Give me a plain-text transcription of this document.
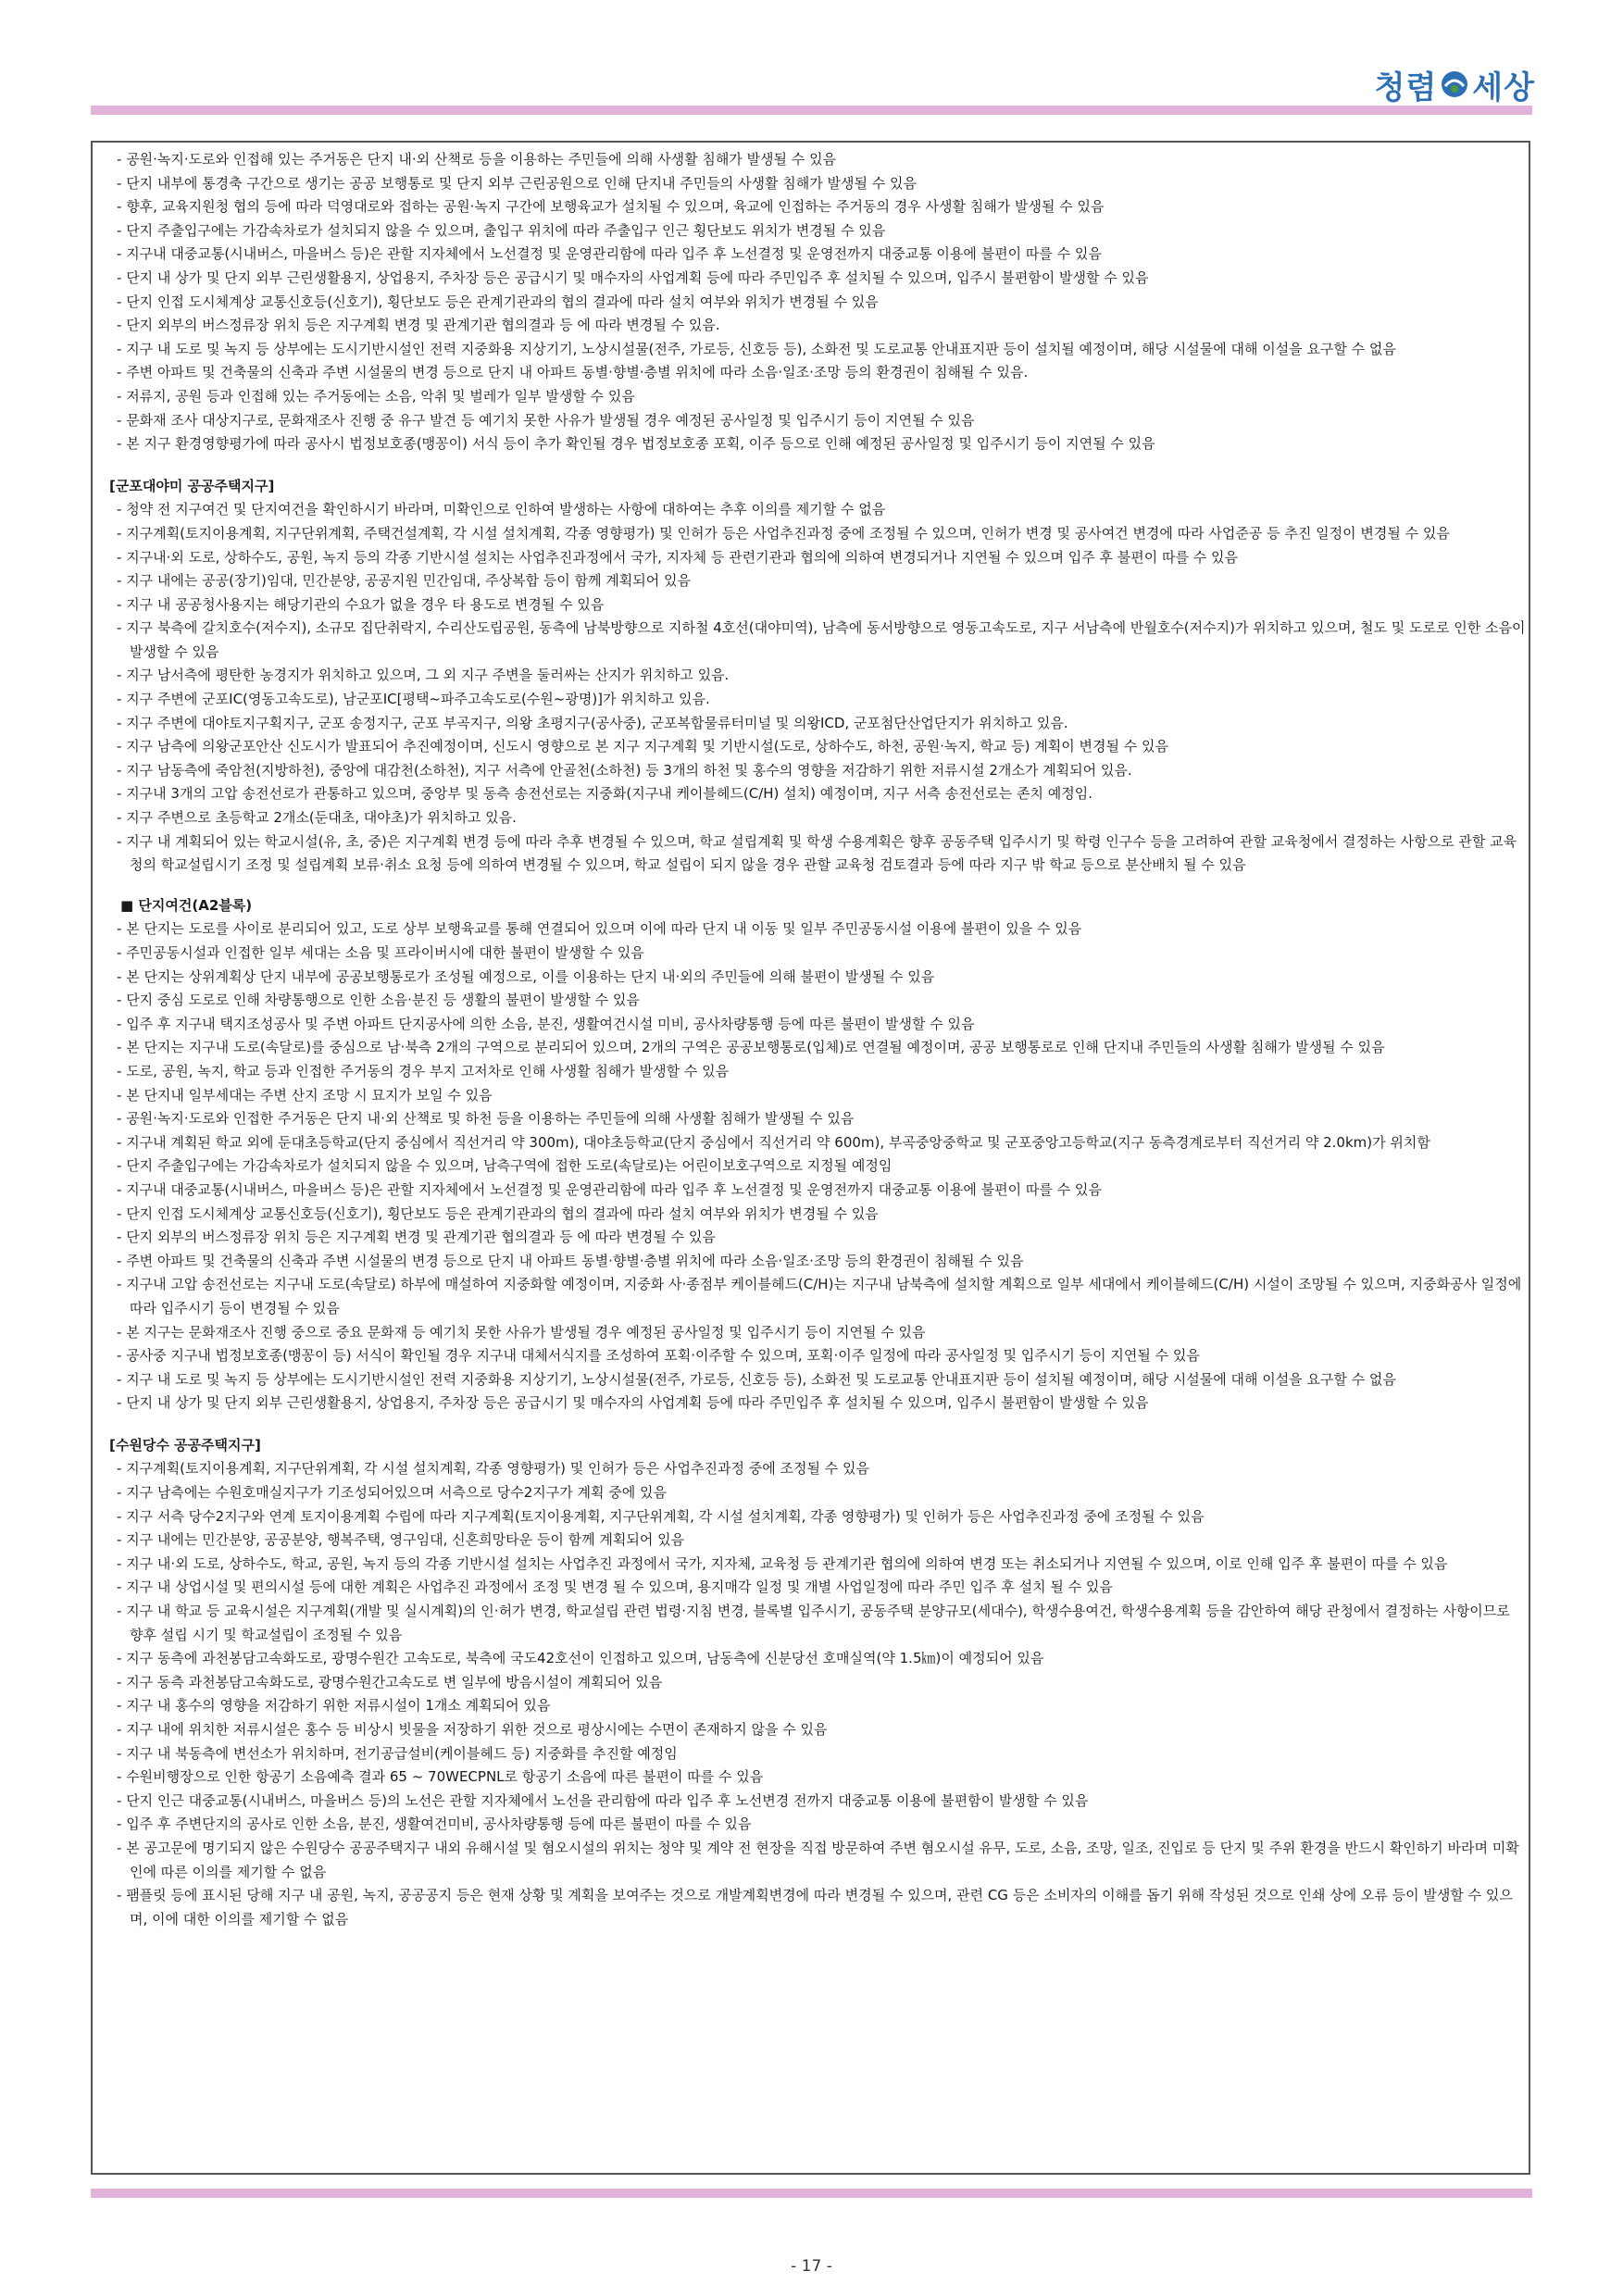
청렴 세상

- 공원·녹지·도로와 인접해 있는 주거동은 단지 내·외 산책로 등을 이용하는 주민들에 의해 사생활 침해가 발생될 수 있음

- 단지 내부에 통경축 구간으로 생기는 공공 보행통로 및 단지 외부 근린공원으로 인해 단지내 주민들의 사생활 침해가 발생될 수 있음

- 향후, 교육지원청 협의 등에 따라 덕영대로와 접하는 공원·녹지 구간에 보행육교가 설치될 수 있으며, 육교에 인접하는 주거동의 경우 사생활 침해가 발생될 수 있음

- 단지 주출입구에는 가감속차로가 설치되지 않을 수 있으며, 출입구 위치에 따라 주출입구 인근 횡단보도 위치가 변경될 수 있음

- 지구내 대중교통(시내버스, 마을버스 등)은 관할 지자체에서 노선결정 및 운영관리함에 따라 입주 후 노선결정 및 운영전까지 대중교통 이용에 불편이 따를 수 있음

- 단지 내 상가 및 단지 외부 근린생활용지, 상업용지, 주차장 등은 공급시기 및 매수자의 사업계획 등에 따라 주민입주 후 설치될 수 있으며, 입주시 불편함이 발생할 수 있음

- 단지 인접 도시체계상 교통신호등(신호기), 횡단보도 등은 관계기관과의 협의 결과에 따라 설치 여부와 위치가 변경될 수 있음

- 단지 외부의 버스정류장 위치 등은 지구계획 변경 및 관계기관 협의결과 등 에 따라 변경될 수 있음.

- 지구 내 도로 및 녹지 등 상부에는 도시기반시설인 전력 지중화용 지상기기, 노상시설물(전주, 가로등, 신호등 등), 소화전 및 도로교통 안내표지판 등이 설치될 예정이며, 해당 시설물에 대해 이설을 요구할 수 없음

- 주변 아파트 및 건축물의 신축과 주변 시설물의 변경 등으로 단지 내 아파트 동별·향별·층별 위치에 따라 소음·일조·조망 등의 환경권이 침해될 수 있음.

- 저류지, 공원 등과 인접해 있는 주거동에는 소음, 악취 및 벌레가 일부 발생할 수 있음

- 문화재 조사 대상지구로, 문화재조사 진행 중 유구 발견 등 예기치 못한 사유가 발생될 경우 예정된 공사일정 및 입주시기 등이 지연될 수 있음

- 본 지구 환경영향평가에 따라 공사시 법정보호종(맹꽁이) 서식 등이 추가 확인될 경우 법정보호종 포획, 이주 등으로 인해 예정된 공사일정 및 입주시기 등이 지연될 수 있음

[군포대야미 공공주택지구]

- 청약 전 지구여건 및 단지여건을 확인하시기 바라며, 미확인으로 인하여 발생하는 사항에 대하여는 추후 이의를 제기할 수 없음

- 지구계획(토지이용계획, 지구단위계획, 주택건설계획, 각 시설 설치계획, 각종 영향평가) 및 인허가 등은 사업추진과정 중에 조정될 수 있으며, 인허가 변경 및 공사여건 변경에 따라 사업준공 등 추진 일정이 변경될 수 있음

- 지구내·외 도로, 상하수도, 공원, 녹지 등의 각종 기반시설 설치는 사업추진과정에서 국가, 지자체 등 관련기관과 협의에 의하여 변경되거나 지연될 수 있으며 입주 후 불편이 따를 수 있음

- 지구 내에는 공공(장기)임대, 민간분양, 공공지원 민간임대, 주상복합 등이 함께 계획되어 있음

- 지구 내 공공청사용지는 해당기관의 수요가 없을 경우 타 용도로 변경될 수 있음

- 지구 북측에 갈치호수(저수지), 소규모 집단취락지, 수리산도립공원, 동측에 남북방향으로 지하철 4호선(대야미역), 남측에 동서방향으로 영동고속도로, 지구 서남측에 반월호수(저수지)가 위치하고 있으며, 철도 및 도로로 인한 소음이 발생할 수 있음

- 지구 남서측에 평탄한 농경지가 위치하고 있으며, 그 외 지구 주변을 둘러싸는 산지가 위치하고 있음.

- 지구 주변에 군포IC(영동고속도로), 남군포IC[평택~파주고속도로(수원~광명)]가 위치하고 있음.

- 지구 주변에 대야토지구획지구, 군포 송정지구, 군포 부곡지구, 의왕 초평지구(공사중), 군포복합물류터미널 및 의왕ICD, 군포첨단산업단지가 위치하고 있음.

- 지구 남측에 의왕군포안산 신도시가 발표되어 추진예정이며, 신도시 영향으로 본 지구 지구계획 및 기반시설(도로, 상하수도, 하천, 공원·녹지, 학교 등) 계획이 변경될 수 있음

- 지구 남동측에 죽암천(지방하천), 중앙에 대감천(소하천), 지구 서측에 안골천(소하천) 등 3개의 하천 및 홍수의 영향을 저감하기 위한 저류시설 2개소가 계획되어 있음.

- 지구내 3개의 고압 송전선로가 관통하고 있으며, 중앙부 및 동측 송전선로는 지중화(지구내 케이블헤드(C/H) 설치) 예정이며, 지구 서측 송전선로는 존치 예정임.

- 지구 주변으로 초등학교 2개소(둔대초, 대야초)가 위치하고 있음.

- 지구 내 계획되어 있는 학교시설(유, 초, 중)은 지구계획 변경 등에 따라 추후 변경될 수 있으며, 학교 설립계획 및 학생 수용계획은 향후 공동주택 입주시기 및 학령 인구수 등을 고려하여 관할 교육청에서 결정하는 사항으로 관할 교육청의 학교설립시기 조정 및 설립계획 보류·취소 요청 등에 의하여 변경될 수 있으며, 학교 설립이 되지 않을 경우 관할 교육청 검토결과 등에 따라 지구 밖 학교 등으로 분산배치 될 수 있음

■ 단지여건(A2블록)

- 본 단지는 도로를 사이로 분리되어 있고, 도로 상부 보행육교를 통해 연결되어 있으며 이에 따라 단지 내 이동 및 일부 주민공동시설 이용에 불편이 있을 수 있음

- 주민공동시설과 인접한 일부 세대는 소음 및 프라이버시에 대한 불편이 발생할 수 있음

- 본 단지는 상위계획상 단지 내부에 공공보행통로가 조성될 예정으로, 이를 이용하는 단지 내·외의 주민들에 의해 불편이 발생될 수 있음

- 단지 중심 도로로 인해 차량통행으로 인한 소음·분진 등 생활의 불편이 발생할 수 있음

- 입주 후 지구내 택지조성공사 및 주변 아파트 단지공사에 의한 소음, 분진, 생활여건시설 미비, 공사차량통행 등에 따른 불편이 발생할 수 있음

- 본 단지는 지구내 도로(속달로)를 중심으로 남·북측 2개의 구역으로 분리되어 있으며, 2개의 구역은 공공보행통로(입체)로 연결될 예정이며, 공공 보행통로로 인해 단지내 주민들의 사생활 침해가 발생될 수 있음

- 도로, 공원, 녹지, 학교 등과 인접한 주거동의 경우 부지 고저차로 인해 사생활 침해가 발생할 수 있음

- 본 단지내 일부세대는 주변 산지 조망 시 묘지가 보일 수 있음

- 공원·녹지·도로와 인접한 주거동은 단지 내·외 산책로 및 하천 등을 이용하는 주민들에 의해 사생활 침해가 발생될 수 있음

- 지구내 계획된 학교 외에 둔대초등학교(단지 중심에서 직선거리 약 300m), 대야초등학교(단지 중심에서 직선거리 약 600m), 부곡중앙중학교 및 군포중앙고등학교(지구 동측경계로부터 직선거리 약 2.0km)가 위치함

- 단지 주출입구에는 가감속차로가 설치되지 않을 수 있으며, 남측구역에 접한 도로(속달로)는 어린이보호구역으로 지정될 예정임

- 지구내 대중교통(시내버스, 마을버스 등)은 관할 지자체에서 노선결정 및 운영관리함에 따라 입주 후 노선결정 및 운영전까지 대중교통 이용에 불편이 따를 수 있음

- 단지 인접 도시체계상 교통신호등(신호기), 횡단보도 등은 관계기관과의 협의 결과에 따라 설치 여부와 위치가 변경될 수 있음

- 단지 외부의 버스정류장 위치 등은 지구계획 변경 및 관계기관 협의결과 등 에 따라 변경될 수 있음

- 주변 아파트 및 건축물의 신축과 주변 시설물의 변경 등으로 단지 내 아파트 동별·향별·층별 위치에 따라 소음·일조·조망 등의 환경권이 침해될 수 있음

- 지구내 고압 송전선로는 지구내 도로(속달로) 하부에 매설하여 지중화할 예정이며, 지중화 사·종점부 케이블헤드(C/H)는 지구내 남북측에 설치할 계획으로 일부 세대에서 케이블헤드(C/H) 시설이 조망될 수 있으며, 지중화공사 일정에 따라 입주시기 등이 변경될 수 있음

- 본 지구는 문화재조사 진행 중으로 중요 문화재 등 예기치 못한 사유가 발생될 경우 예정된 공사일정 및 입주시기 등이 지연될 수 있음

- 공사중 지구내 법정보호종(맹꽁이 등) 서식이 확인될 경우 지구내 대체서식지를 조성하여 포획·이주할 수 있으며, 포획·이주 일정에 따라 공사일정 및 입주시기 등이 지연될 수 있음

- 지구 내 도로 및 녹지 등 상부에는 도시기반시설인 전력 지중화용 지상기기, 노상시설물(전주, 가로등, 신호등 등), 소화전 및 도로교통 안내표지판 등이 설치될 예정이며, 해당 시설물에 대해 이설을 요구할 수 없음

- 단지 내 상가 및 단지 외부 근린생활용지, 상업용지, 주차장 등은 공급시기 및 매수자의 사업계획 등에 따라 주민입주 후 설치될 수 있으며, 입주시 불편함이 발생할 수 있음

[수원당수 공공주택지구]

- 지구계획(토지이용계획, 지구단위계획, 각 시설 설치계획, 각종 영향평가) 및 인허가 등은 사업추진과정 중에 조정될 수 있음

- 지구 남측에는 수원호매실지구가 기조성되어있으며 서측으로 당수2지구가 계획 중에 있음

- 지구 서측 당수2지구와 연계 토지이용계획 수립에 따라 지구계획(토지이용계획, 지구단위계획, 각 시설 설치계획, 각종 영향평가) 및 인허가 등은 사업추진과정 중에 조정될 수 있음

- 지구 내에는 민간분양, 공공분양, 행복주택, 영구임대, 신혼희망타운 등이 함께 계획되어 있음

- 지구 내·외 도로, 상하수도, 학교, 공원, 녹지 등의 각종 기반시설 설치는 사업추진 과정에서 국가, 지자체, 교육청 등 관계기관 협의에 의하여 변경 또는 취소되거나 지연될 수 있으며, 이로 인해 입주 후 불편이 따를 수 있음

- 지구 내 상업시설 및 편의시설 등에 대한 계획은 사업추진 과정에서 조정 및 변경 될 수 있으며, 용지매각 일정 및 개별 사업일정에 따라 주민 입주 후 설치 될 수 있음

- 지구 내 학교 등 교육시설은 지구계획(개발 및 실시계획)의 인·허가 변경, 학교설립 관련 법령·지침 변경, 블록별 입주시기, 공동주택 분양규모(세대수), 학생수용여건, 학생수용계획 등을 감안하여 해당 관청에서 결정하는 사항이므로 향후 설립 시기 및 학교설립이 조정될 수 있음

- 지구 동측에 과천봉담고속화도로, 광명수원간 고속도로, 북측에 국도42호선이 인접하고 있으며, 남동측에 신분당선 호매실역(약 1.5㎞)이 예정되어 있음

- 지구 동측 과천봉담고속화도로, 광명수원간고속도로 변 일부에 방음시설이 계획되어 있음

- 지구 내 홍수의 영향을 저감하기 위한 저류시설이 1개소 계획되어 있음

- 지구 내에 위치한 저류시설은 홍수 등 비상시 빗물을 저장하기 위한 것으로 평상시에는 수면이 존재하지 않을 수 있음

- 지구 내 북동측에 변선소가 위치하며, 전기공급설비(케이블헤드 등) 지중화를 추진할 예정임

- 수원비행장으로 인한 항공기 소음예측 결과 65 ~ 70WECPNL로 항공기 소음에 따른 불편이 따를 수 있음

- 단지 인근 대중교통(시내버스, 마을버스 등)의 노선은 관할 지자체에서 노선을 관리함에 따라 입주 후 노선변경 전까지 대중교통 이용에 불편함이 발생할 수 있음

- 입주 후 주변단지의 공사로 인한 소음, 분진, 생활여건미비, 공사차량통행 등에 따른 불편이 따를 수 있음

- 본 공고문에 명기되지 않은 수원당수 공공주택지구 내외 유해시설 및 혐오시설의 위치는 청약 및 계약 전 현장을 직접 방문하여 주변 혐오시설 유무, 도로, 소음, 조망, 일조, 진입로 등 단지 및 주위 환경을 반드시 확인하기 바라며 미확인에 따른 이의를 제기할 수 없음

- 팸플릿 등에 표시된 당해 지구 내 공원, 녹지, 공공공지 등은 현재 상황 및 계획을 보여주는 것으로 개발계획변경에 따라 변경될 수 있으며, 관련 CG 등은 소비자의 이해를 돕기 위해 작성된 것으로 인쇄 상에 오류 등이 발생할 수 있으며, 이에 대한 이의를 제기할 수 없음

- 17 -
